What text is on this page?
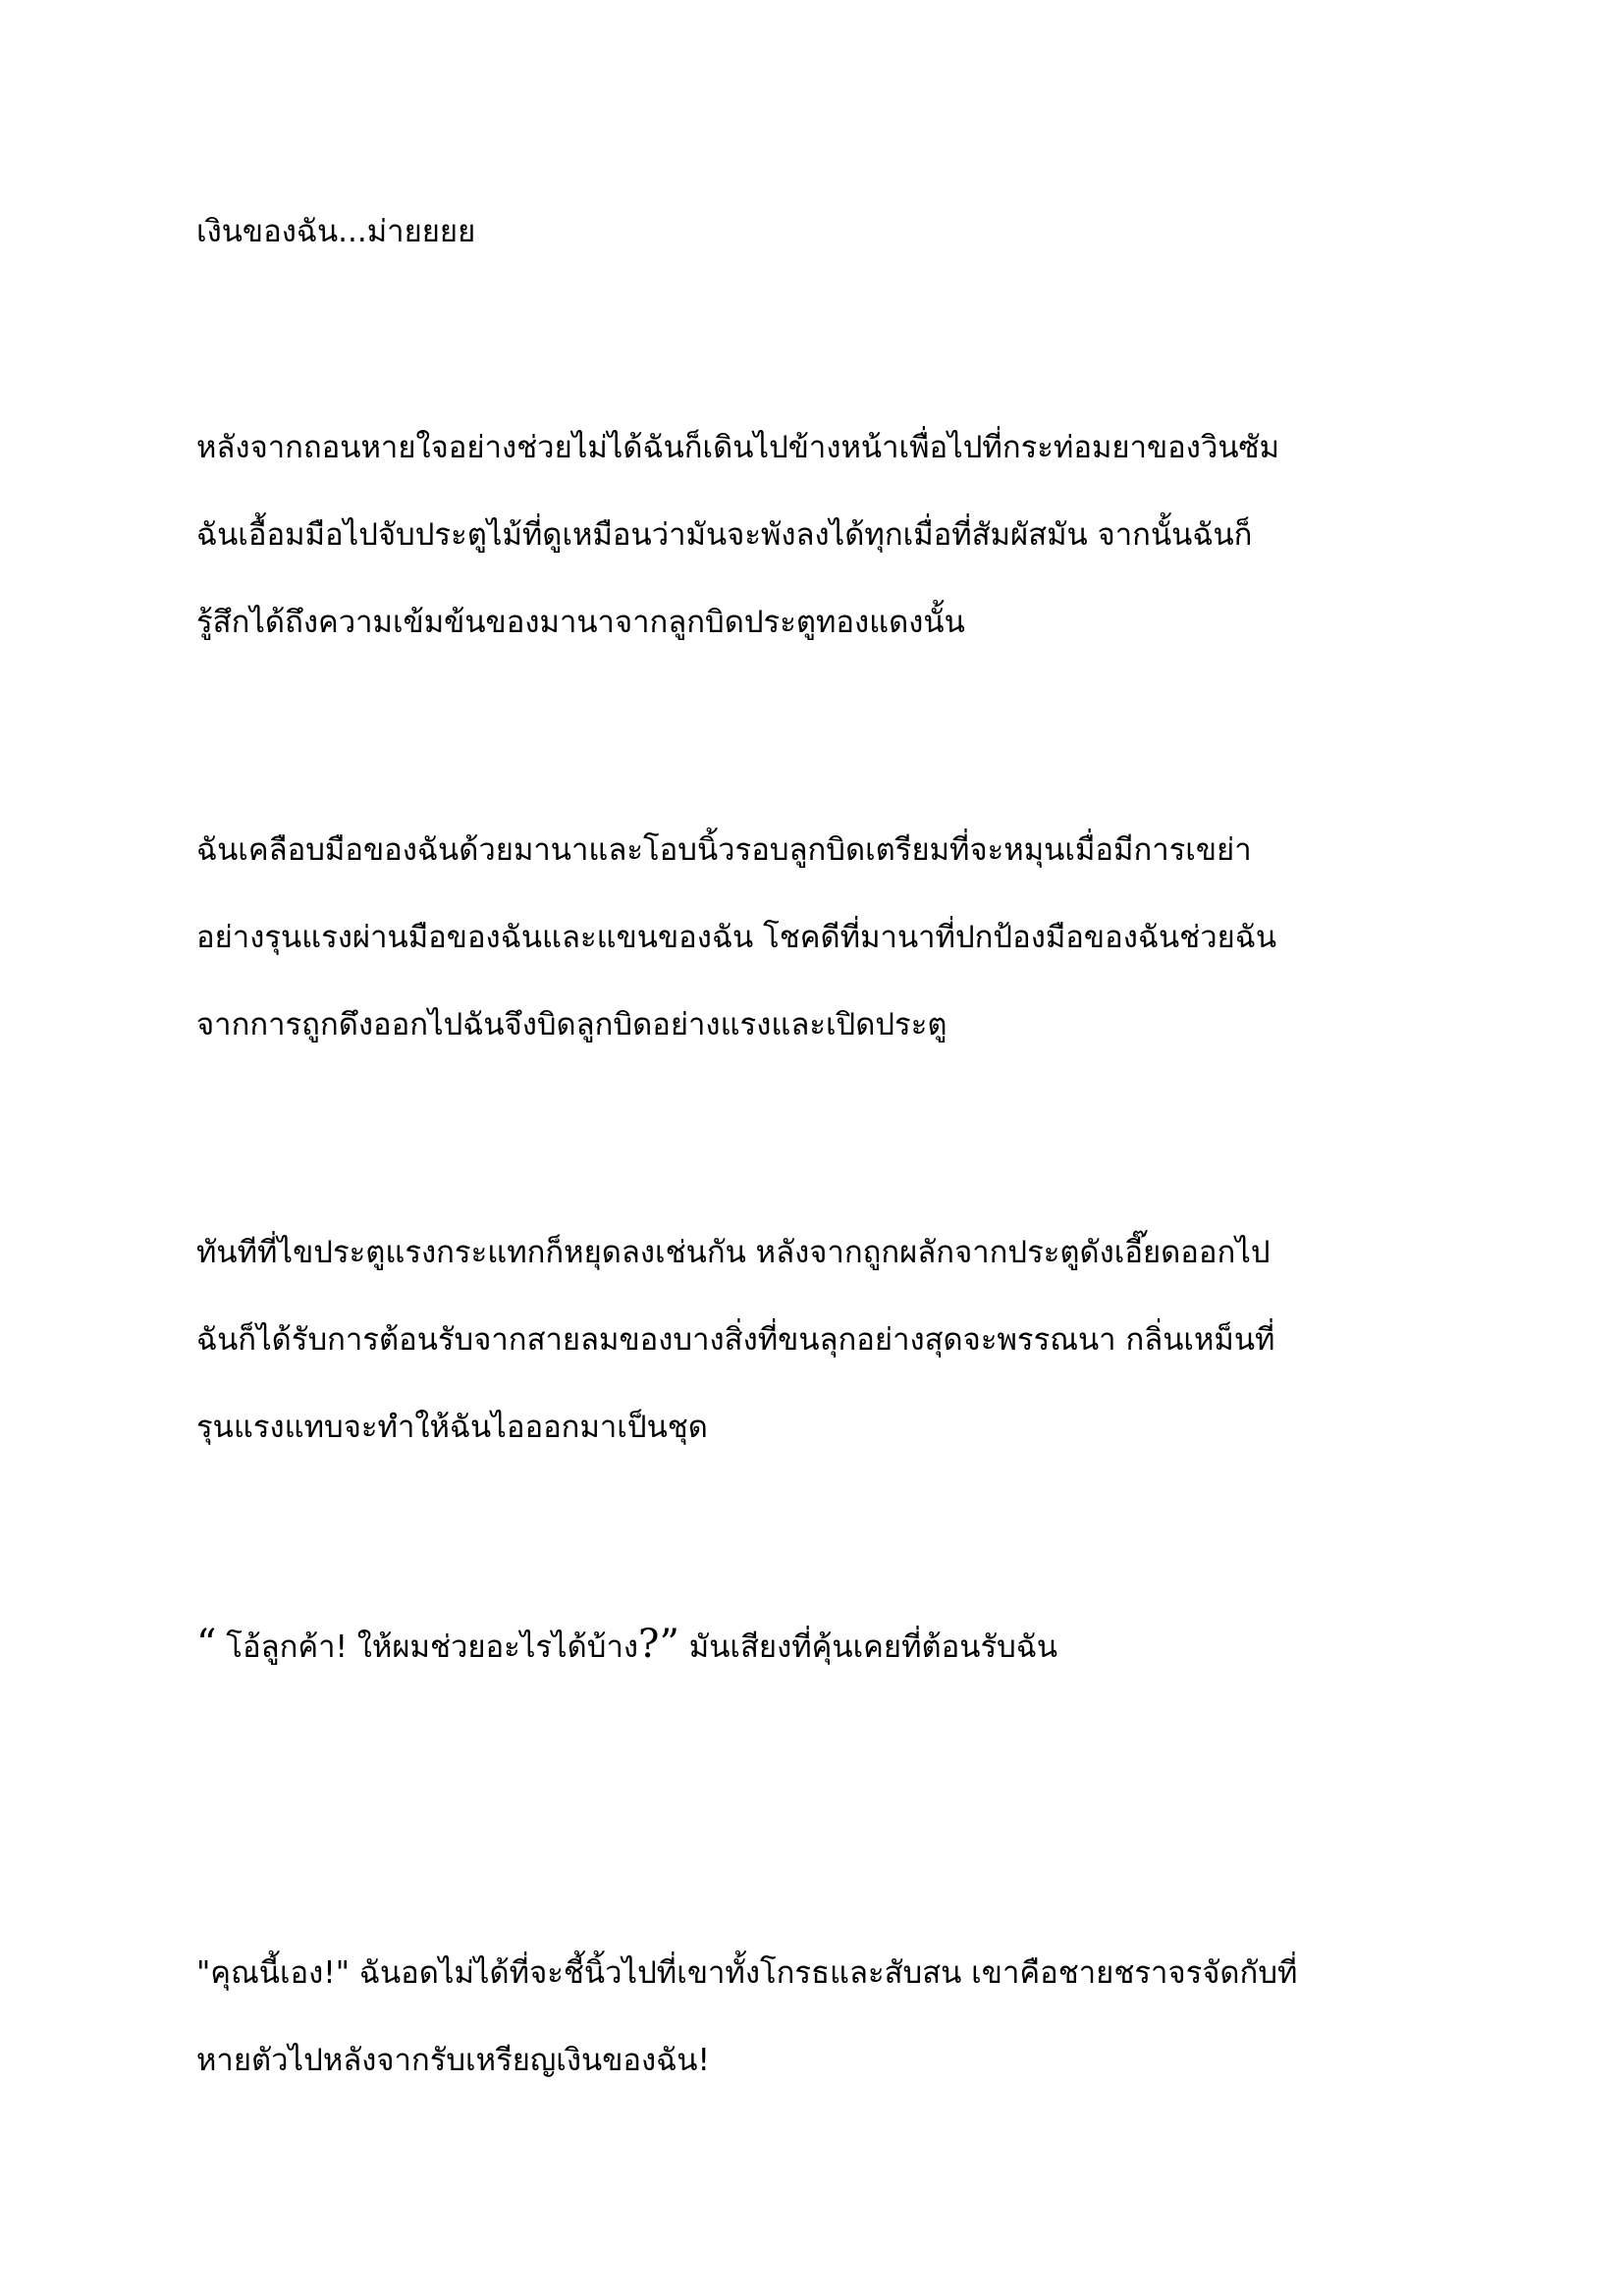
เงินของฉัน...ม่ายยยย
หลังจากถอนหายใจอย่างช่วยไม่ได้ฉันก็เดินไปข้างหน้าเพื่อไปที่กระท่อมยาของวินซัม
ฉันเอื้อมมือไปจับประตูไม้ที่ดูเหมือนว่ามันจะพังลงได้ทุกเมื่อที่สัมผัสมัน จากนั้นฉันก็
รู้สึกได้ถึงความเข้มข้นของมานาจากลูกบิดประตูทองแดงนั้น
ฉันเคลือบมือของฉันด้วยมานาและโอบนิ้วรอบลูกบิดเตรียมที่จะหมุนเมื่อมีการเขย่า
อย่างรุนแรงผ่านมือของฉันและแขนของฉัน โชคดีที่มานาที่ปกป้องมือของฉันช่วยฉัน
จากการถูกดึงออกไปฉันจึงบิดลูกบิดอย่างแรงและเปิดประตู
ทันทีที่ไขประตูแรงกระแทกก็หยุดลงเช่นกัน หลังจากถูกผลักจากประตูดังเอี๊ยดออกไป
ฉันก็ได้รับการต้อนรับจากสายลมของบางสิ่งที่ขนลุกอย่างสุดจะพรรณนา กลิ่นเหม็นที่
รุนแรงแทบจะทำให้ฉันไอออกมาเป็นชุด
“ โอ้ลูกค้า! ให้ผมช่วยอะไรได้บ้าง?” มันเสียงที่คุ้นเคยที่ต้อนรับฉัน
"คุณนี้เอง!" ฉันอดไม่ได้ที่จะชี้นิ้วไปที่เขาทั้งโกรธและสับสน เขาคือชายชราจรจัดกับที่
หายตัวไปหลังจากรับเหรียญเงินของฉัน!
